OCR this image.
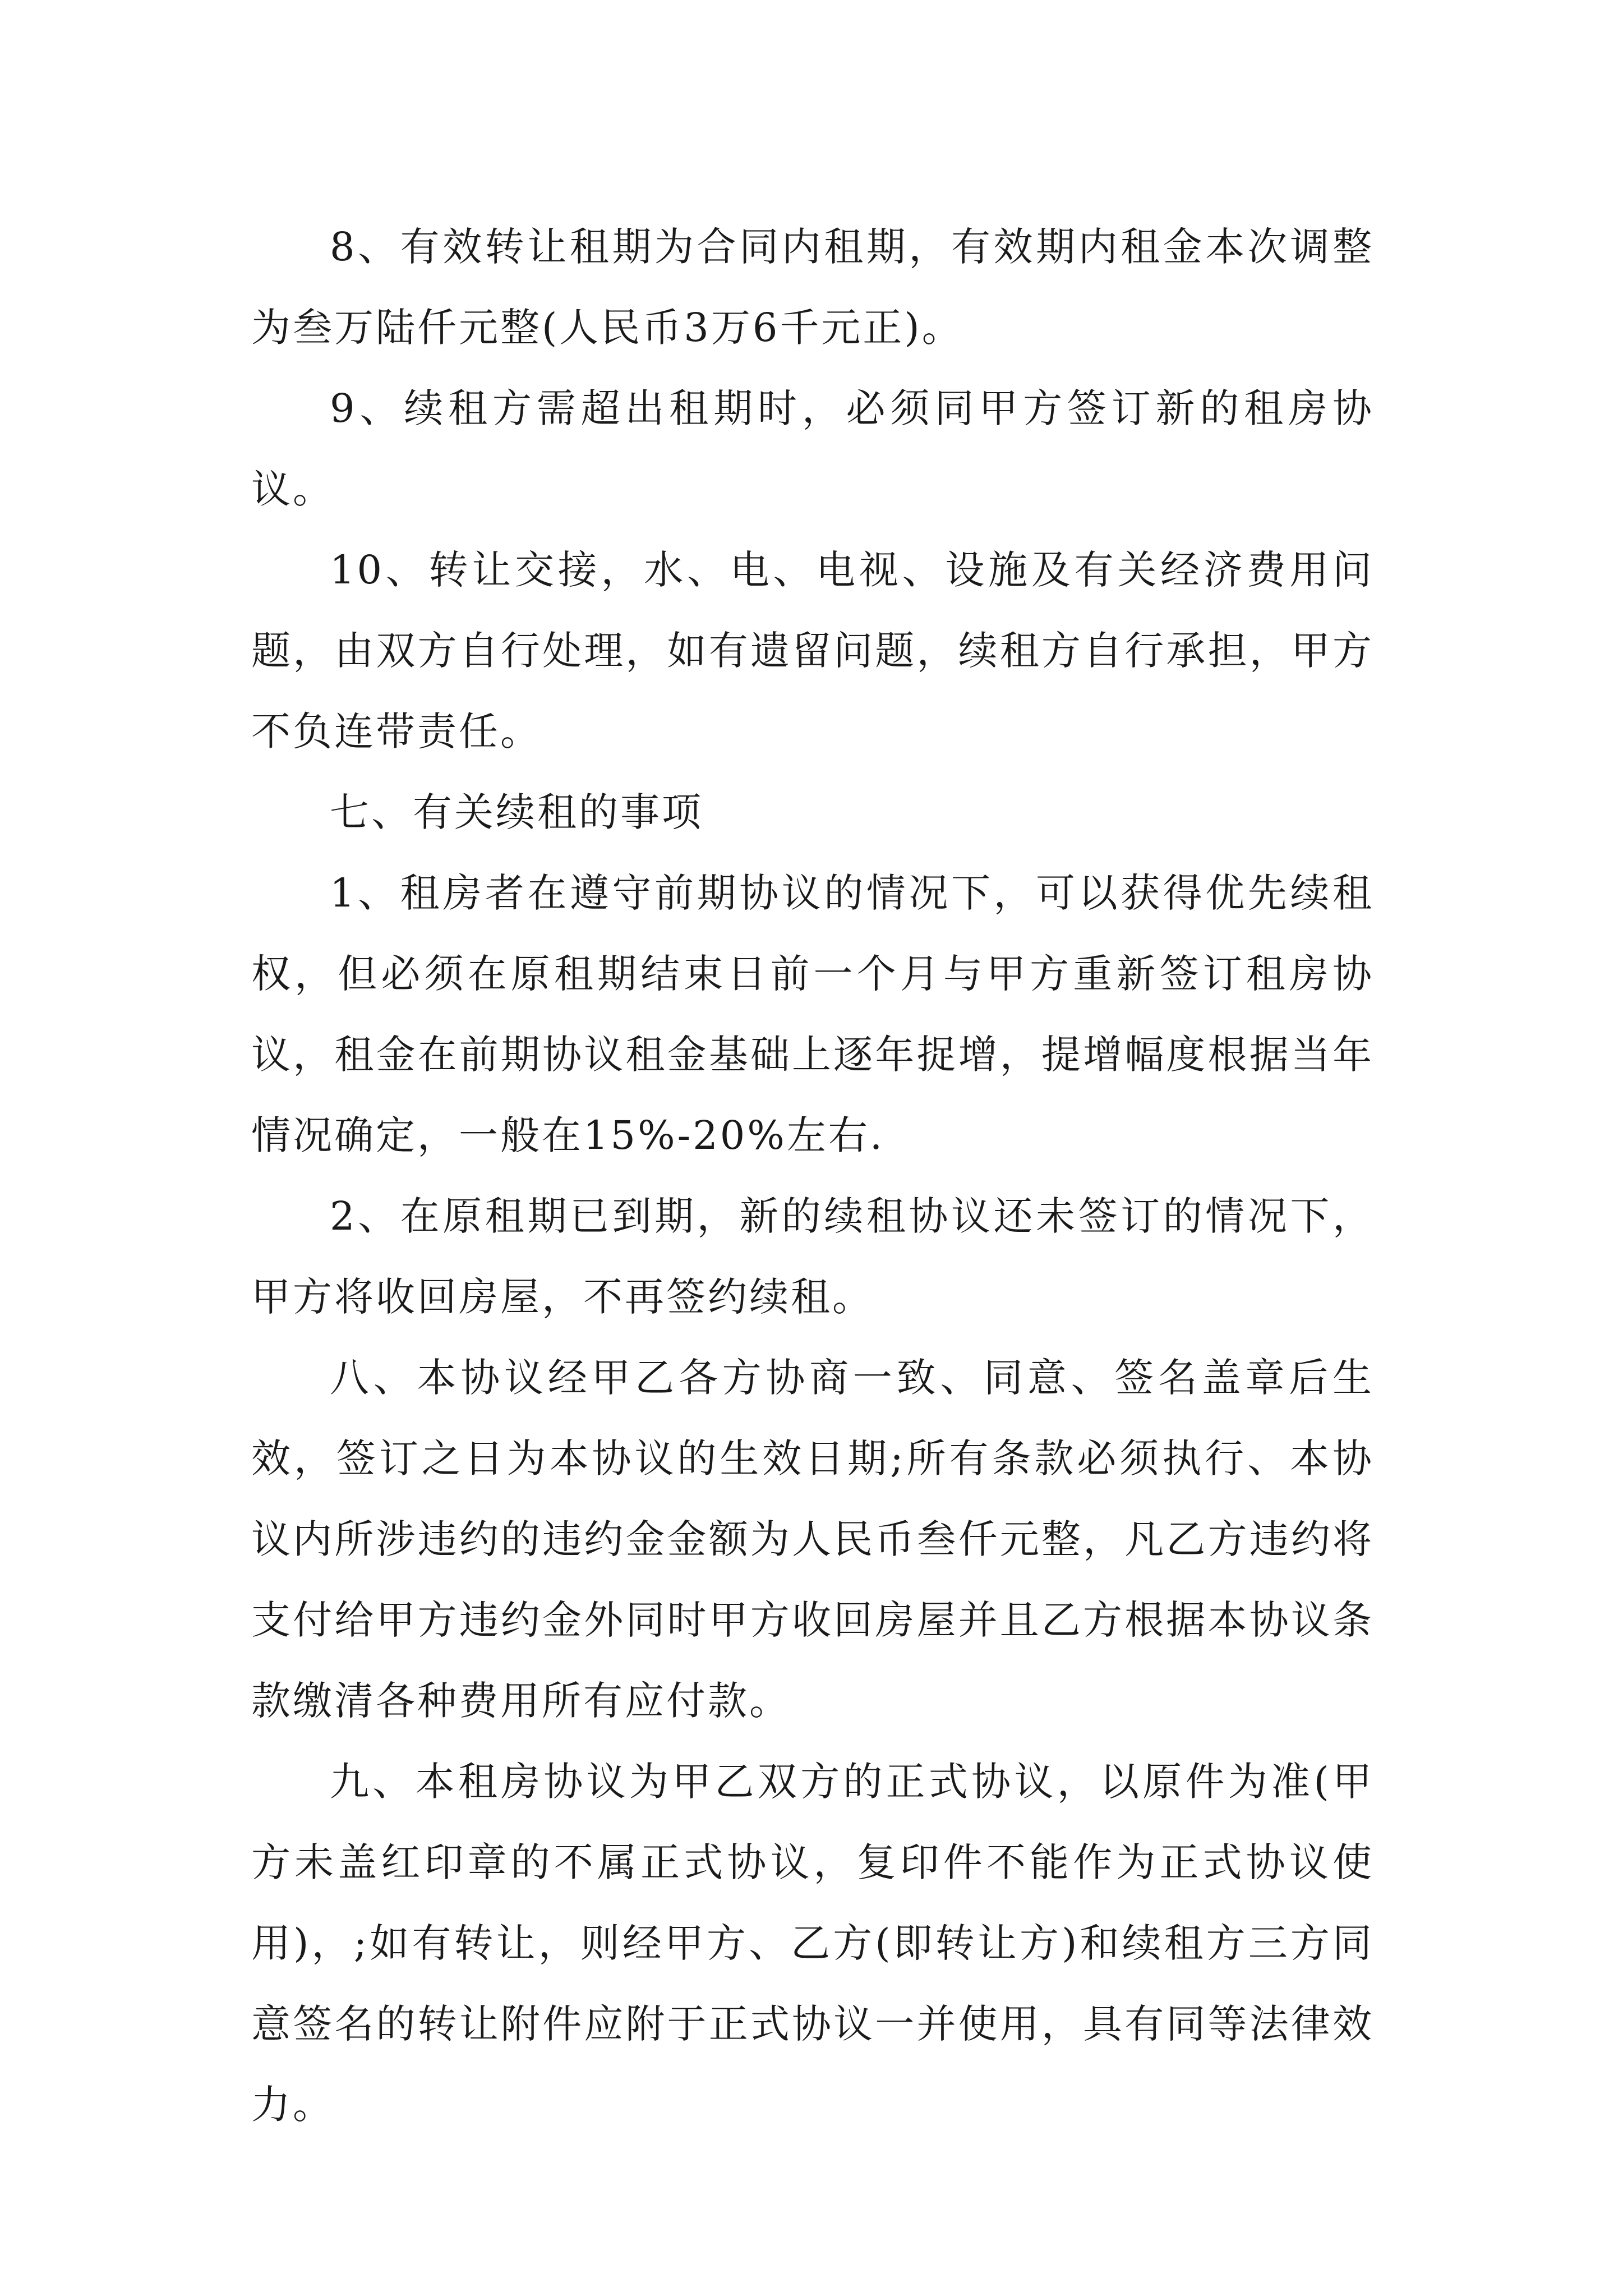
8、有效转让租期为合同内租期，有效期内租金本次调整为叁万陆仟元整(人民币3万6千元正)。

9、续租方需超出租期时，必须同甲方签订新的租房协议。

10、转让交接，水、电、电视、设施及有关经济费用问题，由双方自行处理，如有遗留问题，续租方自行承担，甲方不负连带责任。

七、有关续租的事项

1、租房者在遵守前期协议的情况下，可以获得优先续租权，但必须在原租期结束日前一个月与甲方重新签订租房协议，租金在前期协议租金基础上逐年捉增，提增幅度根据当年情况确定，一般在15%-20%左右.

2、在原租期已到期，新的续租协议还未签订的情况下，甲方将收回房屋，不再签约续租。

八、本协议经甲乙各方协商一致、同意、签名盖章后生效，签订之日为本协议的生效日期;所有条款必须执行、本协议内所涉违约的违约金金额为人民币叁仟元整，凡乙方违约将支付给甲方违约金外同时甲方收回房屋并且乙方根据本协议条款缴清各种费用所有应付款。

九、本租房协议为甲乙双方的正式协议，以原件为准(甲方未盖红印章的不属正式协议，复印件不能作为正式协议使用)，;如有转让，则经甲方、乙方(即转让方)和续租方三方同意签名的转让附件应附于正式协议一并使用，具有同等法律效力。
